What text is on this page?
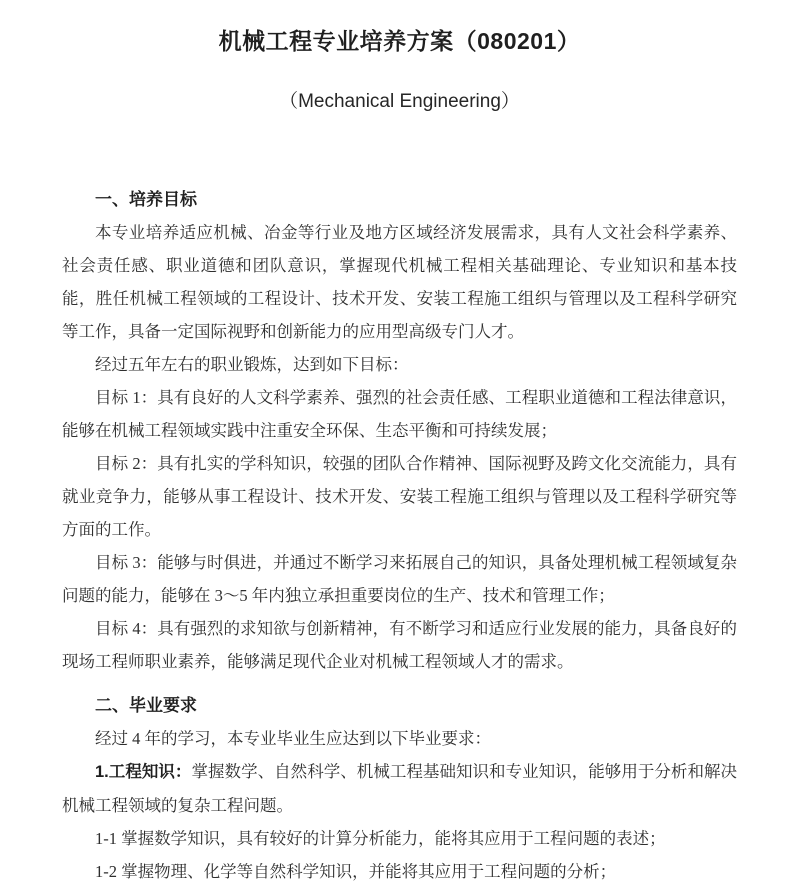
机械工程专业培养方案（080201）
（Mechanical Engineering）
一、培养目标

本专业培养适应机械、冶金等行业及地方区域经济发展需求，具有人文社会科学素养、社会责任感、职业道德和团队意识，掌握现代机械工程相关基础理论、专业知识和基本技能，胜任机械工程领域的工程设计、技术开发、安装工程施工组织与管理以及工程科学研究等工作，具备一定国际视野和创新能力的应用型高级专门人才。

经过五年左右的职业锻炼，达到如下目标：

目标 1：具有良好的人文科学素养、强烈的社会责任感、工程职业道德和工程法律意识，能够在机械工程领域实践中注重安全环保、生态平衡和可持续发展；

目标 2：具有扎实的学科知识，较强的团队合作精神、国际视野及跨文化交流能力，具有就业竞争力，能够从事工程设计、技术开发、安装工程施工组织与管理以及工程科学研究等方面的工作。

目标 3：能够与时俱进，并通过不断学习来拓展自己的知识，具备处理机械工程领域复杂问题的能力，能够在 3～5 年内独立承担重要岗位的生产、技术和管理工作；

目标 4：具有强烈的求知欲与创新精神，有不断学习和适应行业发展的能力，具备良好的现场工程师职业素养，能够满足现代企业对机械工程领域人才的需求。

二、毕业要求

经过 4 年的学习，本专业毕业生应达到以下毕业要求：

1.工程知识：掌握数学、自然科学、机械工程基础知识和专业知识，能够用于分析和解决机械工程领域的复杂工程问题。

1-1 掌握数学知识，具有较好的计算分析能力，能将其应用于工程问题的表述；

1-2 掌握物理、化学等自然科学知识，并能将其应用于工程问题的分析；
